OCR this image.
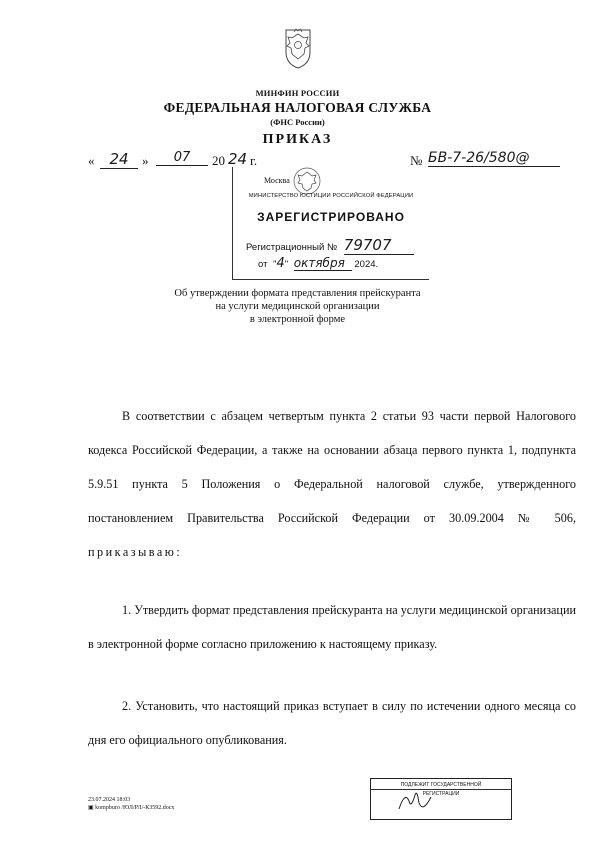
МИНФИН РОССИИ
ФЕДЕРАЛЬНАЯ НАЛОГОВАЯ СЛУЖБА
(ФНС России)
ПРИКАЗ
« 24	»	07	20 24 г.	№ БВ-7-26/580@
Москва
МИНИСТЕРСТВО ЮСТИЦИИ РОССИЙСКОЙ ФЕДЕРАЦИИ
ЗАРЕГИСТРИРОВАНО
Регистрационный № 79707
от "4" октября 2024.
Об утверждении формата представления прейскуранта
на услуги медицинской организации
в электронной форме
В соответствии с абзацем четвертым пункта 2 статьи 93 части первой Налогового кодекса Российской Федерации, а также на основании абзаца первого пункта 1, подпункта 5.9.51 пункта 5 Положения о Федеральной налоговой службе, утвержденного постановлением Правительства Российской Федерации от 30.09.2004 № 506, приказываю:
1. Утвердить формат представления прейскуранта на услуги медицинской организации в электронной форме согласно приложению к настоящему приказу.
2. Установить, что настоящий приказ вступает в силу по истечении одного месяца со дня его официального опубликования.
23.07.2024 18:03
▣ kompburo /ЮЛ/РЛ/-К3592.docx
ПОДЛЕЖИТ ГОСУДАРСТВЕННОЙ
РЕГИСТРАЦИИ
